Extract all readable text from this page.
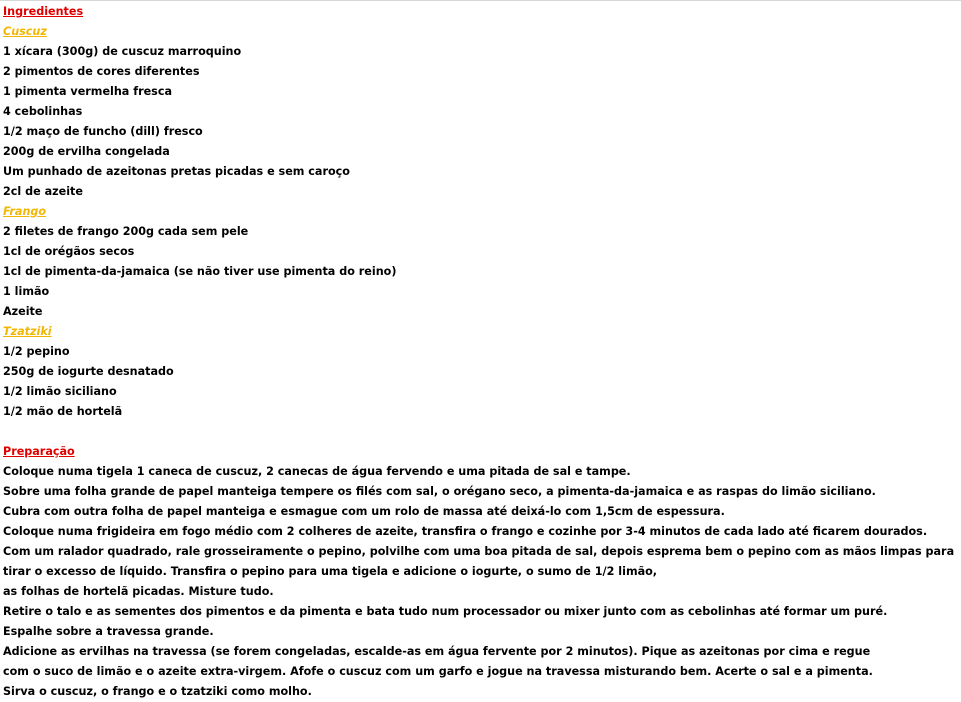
Ingredientes
Cuscuz
1 xícara (300g) de cuscuz marroquino
2 pimentos de cores diferentes
1 pimenta vermelha fresca
4 cebolinhas
1/2 maço de funcho (dill) fresco
200g de ervilha congelada
Um punhado de azeitonas pretas picadas e sem caroço
2cl de azeite
Frango
2 filetes de frango 200g cada sem pele
1cl de orégãos secos
1cl de pimenta-da-jamaica (se não tiver use pimenta do reino)
1 limão
Azeite
Tzatziki
1/2 pepino
250g de iogurte desnatado
1/2 limão siciliano
1/2 mão de hortelã
Preparação
Coloque numa tigela 1 caneca de cuscuz, 2 canecas de água fervendo e uma pitada de sal e tampe.
Sobre uma folha grande de papel manteiga tempere os filés com sal, o orégano seco, a pimenta-da-jamaica e as raspas do limão siciliano.
Cubra com outra folha de papel manteiga e esmague com um rolo de massa até deixá-lo com 1,5cm de espessura.
Coloque numa frigideira em fogo médio com 2 colheres de azeite, transfira o frango e cozinhe por 3-4 minutos de cada lado até ficarem dourados.
Com um ralador quadrado, rale grosseiramente o pepino, polvilhe com uma boa pitada de sal, depois esprema bem o pepino com as mãos limpas para
tirar o excesso de líquido. Transfira o pepino para uma tigela e adicione o iogurte, o sumo de 1/2 limão,
as folhas de hortelã picadas. Misture tudo.
Retire o talo e as sementes dos pimentos e da pimenta e bata tudo num processador ou mixer junto com as cebolinhas até formar um puré.
Espalhe sobre a travessa grande.
Adicione as ervilhas na travessa (se forem congeladas, escalde-as em água fervente por 2 minutos). Pique as azeitonas por cima e regue
com o suco de limão e o azeite extra-virgem. Afofe o cuscuz com um garfo e jogue na travessa misturando bem. Acerte o sal e a pimenta.
Sirva o cuscuz, o frango e o tzatziki como molho.
